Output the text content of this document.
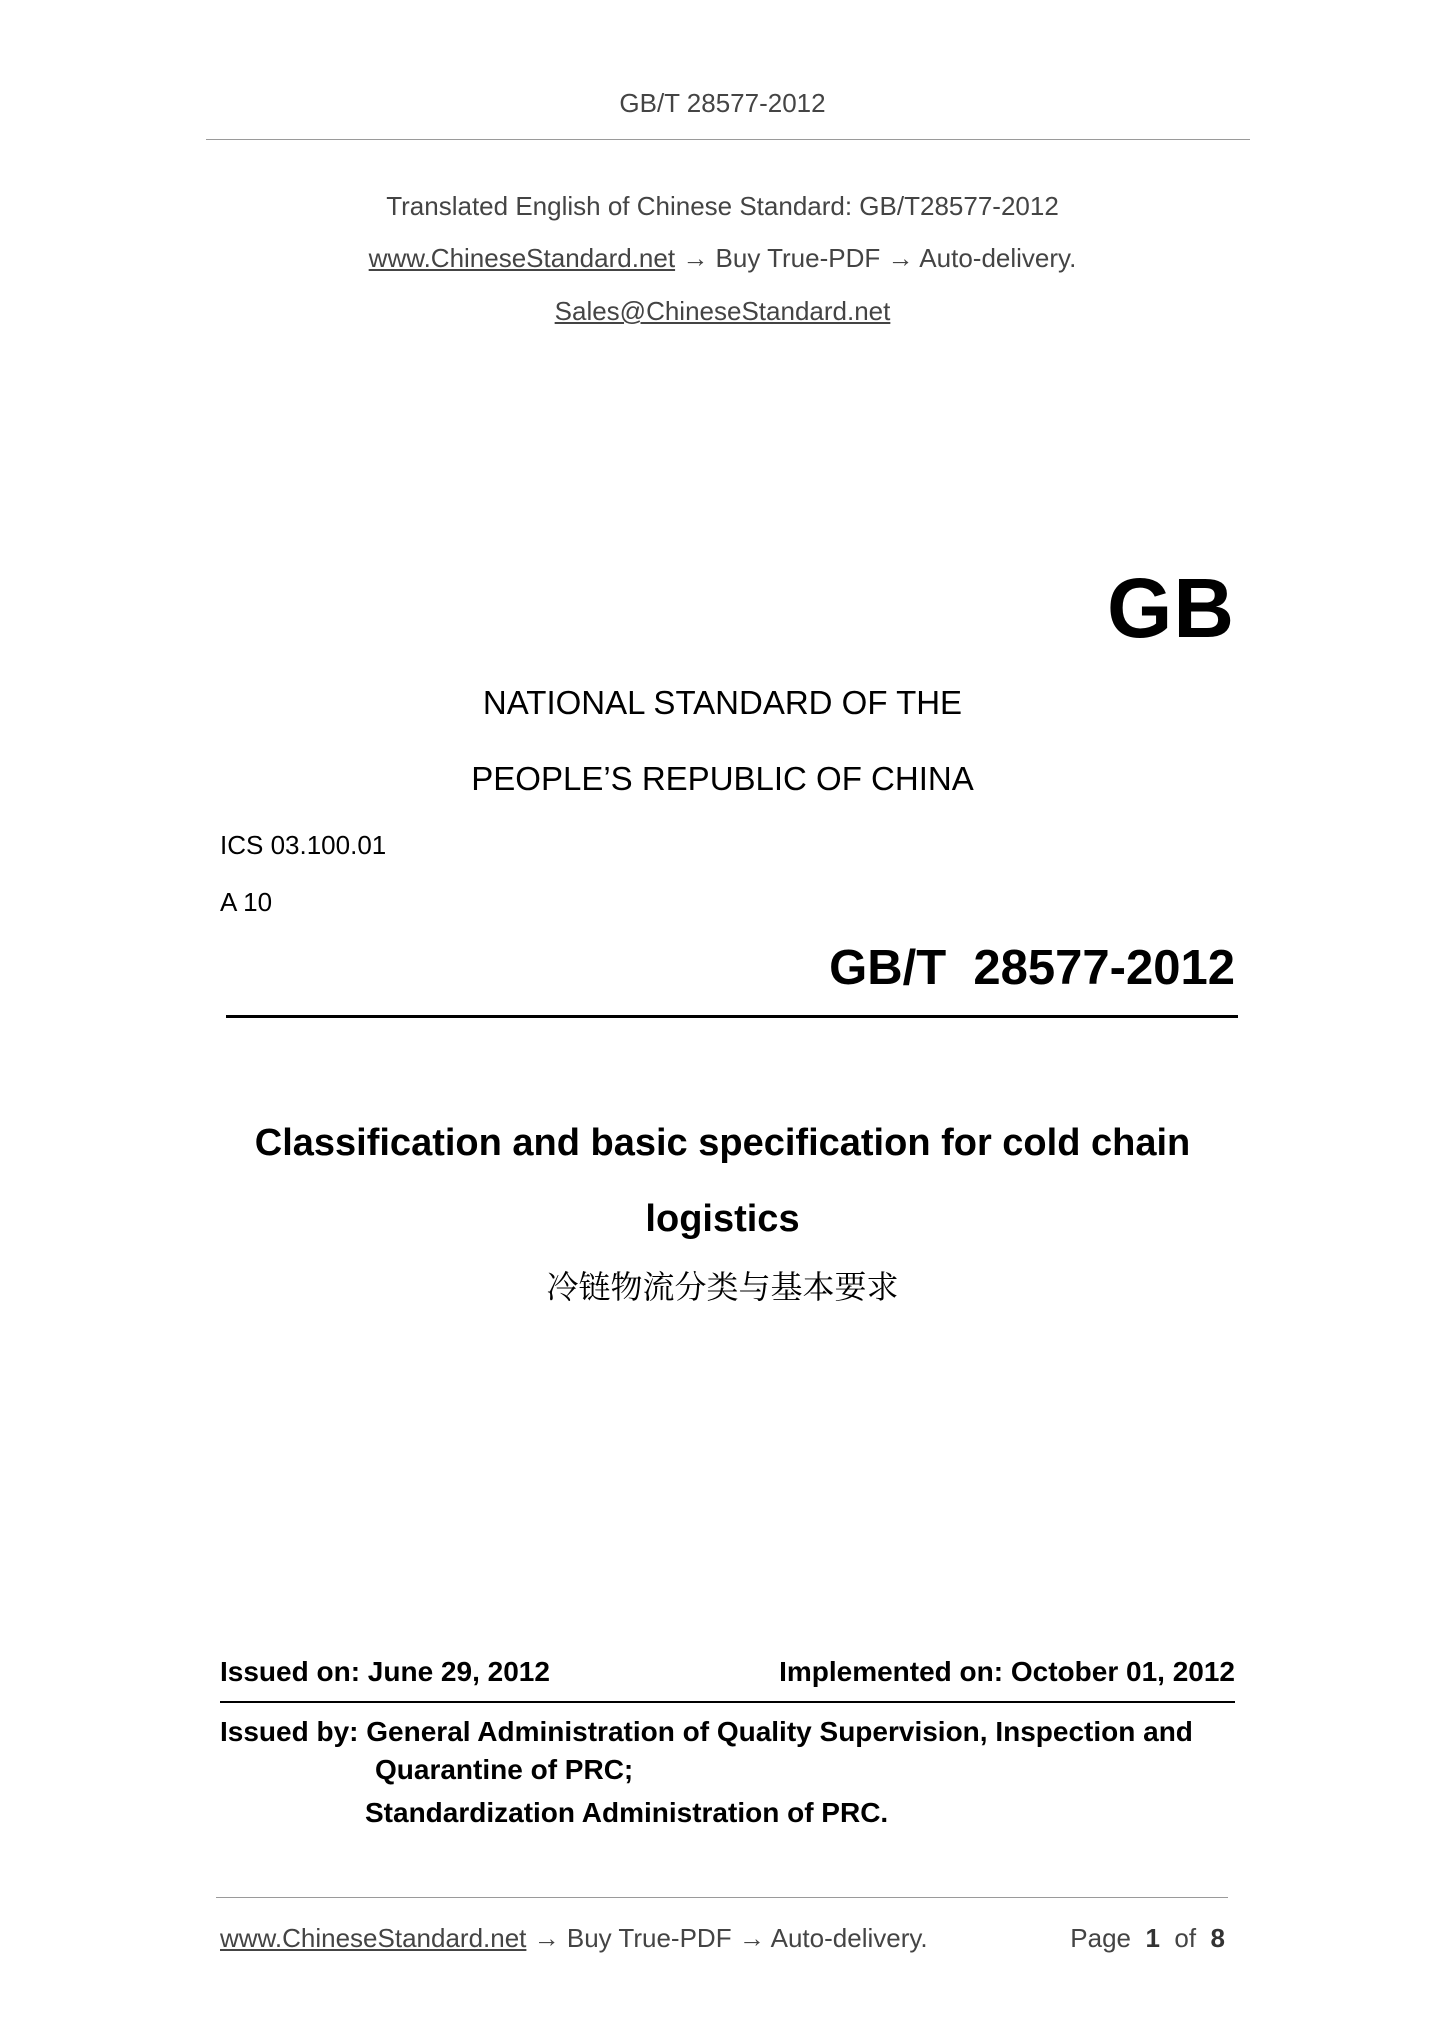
GB/T 28577-2012
Translated English of Chinese Standard: GB/T28577-2012
www.ChineseStandard.net → Buy True-PDF → Auto-delivery.
Sales@ChineseStandard.net
GB
NATIONAL STANDARD OF THE
PEOPLE’S REPUBLIC OF CHINA
ICS 03.100.01
A 10
GB/T  28577-2012
Classification and basic specification for cold chain
logistics
冷链物流分类与基本要求
Issued on: June 29, 2012	Implemented on: October 01, 2012
Issued by: General Administration of Quality Supervision, Inspection and
Quarantine of PRC;
Standardization Administration of PRC.
www.ChineseStandard.net → Buy True-PDF → Auto-delivery.	Page 1 of 8
